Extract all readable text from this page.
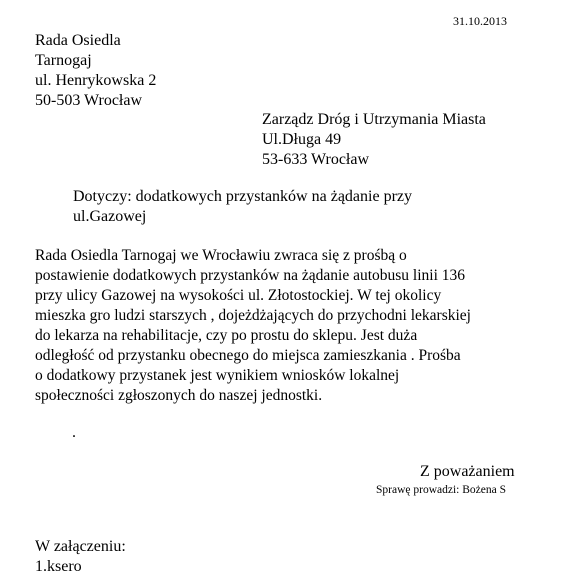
31.10.2013
Rada Osiedla
Tarnogaj
ul. Henrykowska 2
50-503 Wrocław
Zarządz Dróg i Utrzymania Miasta
Ul.Długa 49
53-633 Wrocław
Dotyczy: dodatkowych przystanków na żądanie przy
ul.Gazowej
Rada Osiedla Tarnogaj we Wrocławiu zwraca się z prośbą o
postawienie dodatkowych przystanków na żądanie autobusu linii 136
przy ulicy Gazowej na wysokości ul. Złotostockiej. W tej okolicy
mieszka gro ludzi starszych , dojeżdżających do przychodni lekarskiej
do lekarza na rehabilitacje, czy po prostu do sklepu. Jest duża
odległość od przystanku obecnego do miejsca zamieszkania . Prośba
o dodatkowy przystanek jest wynikiem wniosków lokalnej
społeczności zgłoszonych do naszej jednostki.
.
Z poważaniem
Sprawę prowadzi: Bożena S
W załączeniu:
1.ksero
